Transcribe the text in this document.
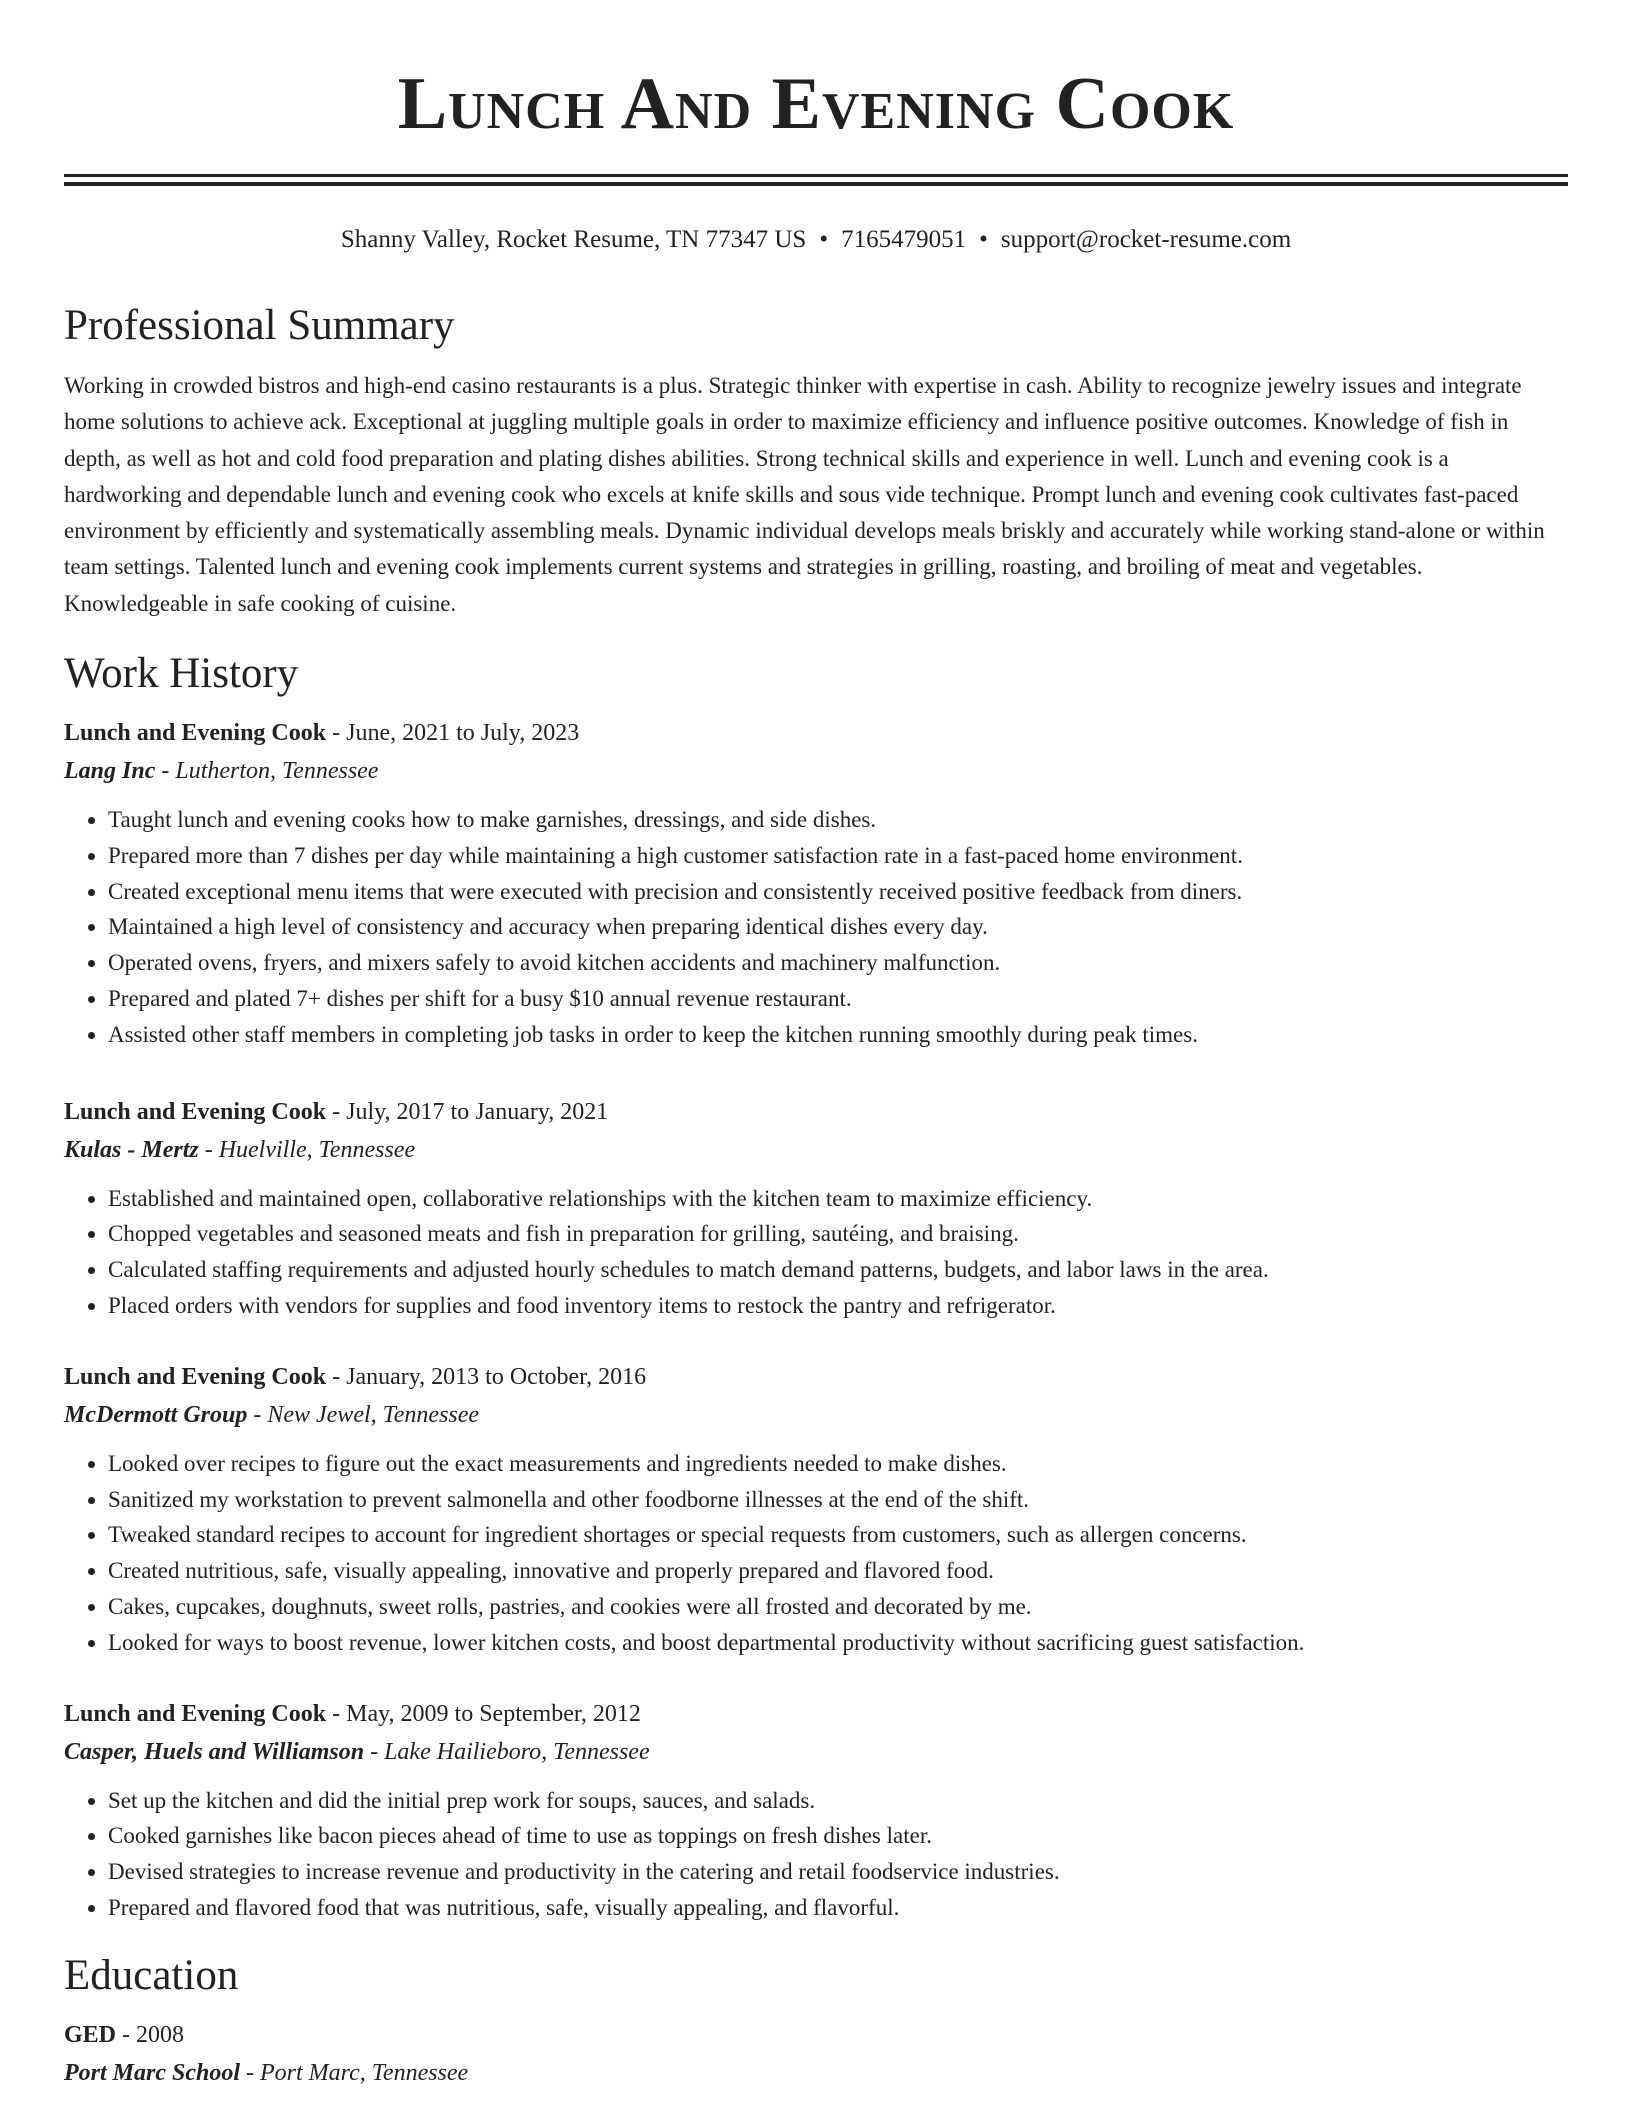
Lunch And Evening Cook
Shanny Valley, Rocket Resume, TN 77347 US • 7165479051 • support@rocket-resume.com
Professional Summary

Working in crowded bistros and high-end casino restaurants is a plus. Strategic thinker with expertise in cash. Ability to recognize jewelry issues and integrate home solutions to achieve ack. Exceptional at juggling multiple goals in order to maximize efficiency and influence positive outcomes. Knowledge of fish in depth, as well as hot and cold food preparation and plating dishes abilities. Strong technical skills and experience in well. Lunch and evening cook is a hardworking and dependable lunch and evening cook who excels at knife skills and sous vide technique. Prompt lunch and evening cook cultivates fast-paced environment by efficiently and systematically assembling meals. Dynamic individual develops meals briskly and accurately while working stand-alone or within team settings. Talented lunch and evening cook implements current systems and strategies in grilling, roasting, and broiling of meat and vegetables. Knowledgeable in safe cooking of cuisine.

Work History
Lunch and Evening Cook - June, 2021 to July, 2023
Lang Inc - Lutherton, Tennessee
• Taught lunch and evening cooks how to make garnishes, dressings, and side dishes.
• Prepared more than 7 dishes per day while maintaining a high customer satisfaction rate in a fast-paced home environment.
• Created exceptional menu items that were executed with precision and consistently received positive feedback from diners.
• Maintained a high level of consistency and accuracy when preparing identical dishes every day.
• Operated ovens, fryers, and mixers safely to avoid kitchen accidents and machinery malfunction.
• Prepared and plated 7+ dishes per shift for a busy $10 annual revenue restaurant.
• Assisted other staff members in completing job tasks in order to keep the kitchen running smoothly during peak times.
Lunch and Evening Cook - July, 2017 to January, 2021
Kulas - Mertz - Huelville, Tennessee
• Established and maintained open, collaborative relationships with the kitchen team to maximize efficiency.
• Chopped vegetables and seasoned meats and fish in preparation for grilling, sautéing, and braising.
• Calculated staffing requirements and adjusted hourly schedules to match demand patterns, budgets, and labor laws in the area.
• Placed orders with vendors for supplies and food inventory items to restock the pantry and refrigerator.
Lunch and Evening Cook - January, 2013 to October, 2016
McDermott Group - New Jewel, Tennessee
• Looked over recipes to figure out the exact measurements and ingredients needed to make dishes.
• Sanitized my workstation to prevent salmonella and other foodborne illnesses at the end of the shift.
• Tweaked standard recipes to account for ingredient shortages or special requests from customers, such as allergen concerns.
• Created nutritious, safe, visually appealing, innovative and properly prepared and flavored food.
• Cakes, cupcakes, doughnuts, sweet rolls, pastries, and cookies were all frosted and decorated by me.
• Looked for ways to boost revenue, lower kitchen costs, and boost departmental productivity without sacrificing guest satisfaction.
Lunch and Evening Cook - May, 2009 to September, 2012
Casper, Huels and Williamson - Lake Hailieboro, Tennessee
• Set up the kitchen and did the initial prep work for soups, sauces, and salads.
• Cooked garnishes like bacon pieces ahead of time to use as toppings on fresh dishes later.
• Devised strategies to increase revenue and productivity in the catering and retail foodservice industries.
• Prepared and flavored food that was nutritious, safe, visually appealing, and flavorful.
Education
GED - 2008
Port Marc School - Port Marc, Tennessee
